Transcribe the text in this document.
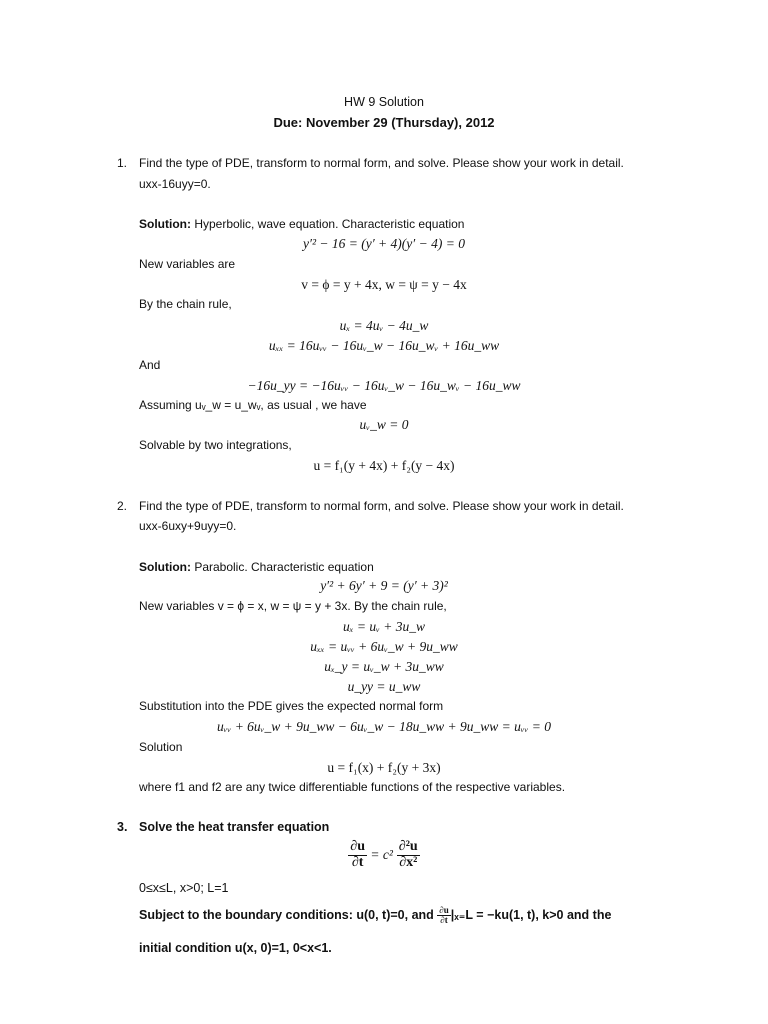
HW 9 Solution
Due: November 29 (Thursday), 2012
1. Find the type of PDE, transform to normal form, and solve. Please show your work in detail.
uxx-16uyy=0.
Solution: Hyperbolic, wave equation. Characteristic equation
y′² − 16 = (y′ + 4)(y′ − 4) = 0
New variables are
v = ϕ = y + 4x, w = ψ = y − 4x
By the chain rule,
uₓ = 4uᵥ − 4u_w
uₓₓ = 16uᵥᵥ − 16uᵥ_w − 16u_wᵥ + 16u_ww
And
−16u_yy = −16uᵥᵥ − 16uᵥ_w − 16u_wᵥ − 16u_ww
Assuming uᵥ_w = u_wᵥ, as usual , we have
uᵥ_w = 0
Solvable by two integrations,
u = f₁(y + 4x) + f₂(y − 4x)
2. Find the type of PDE, transform to normal form, and solve. Please show your work in detail.
uxx-6uxy+9uyy=0.
Solution: Parabolic. Characteristic equation
y′² + 6y′ + 9 = (y′ + 3)²
New variables v = ϕ = x, w = ψ = y + 3x. By the chain rule,
uₓ = uᵥ + 3u_w
uₓₓ = uᵥᵥ + 6uᵥ_w + 9u_ww
uₓ_y = uᵥ_w + 3u_ww
u_yy = u_ww
Substitution into the PDE gives the expected normal form
uᵥᵥ + 6uᵥ_w + 9u_ww − 6uᵥ_w − 18u_ww + 9u_ww = uᵥᵥ = 0
Solution
u = f₁(x) + f₂(y + 3x)
where f1 and f2 are any twice differentiable functions of the respective variables.
3. Solve the heat transfer equation
$\frac{\partial u}{\partial t} = c^2 \frac{\text{∂²u}}{\text{∂x²}}$
0≤x≤L, x>0; L=1
Subject to the boundary conditions: u(0, t)=0, and $\frac{\partial u}{\partial t} |_{x=}L = -ku(1$, t), k>0 and the
initial condition u(x, 0)=1, 0<x<1.
